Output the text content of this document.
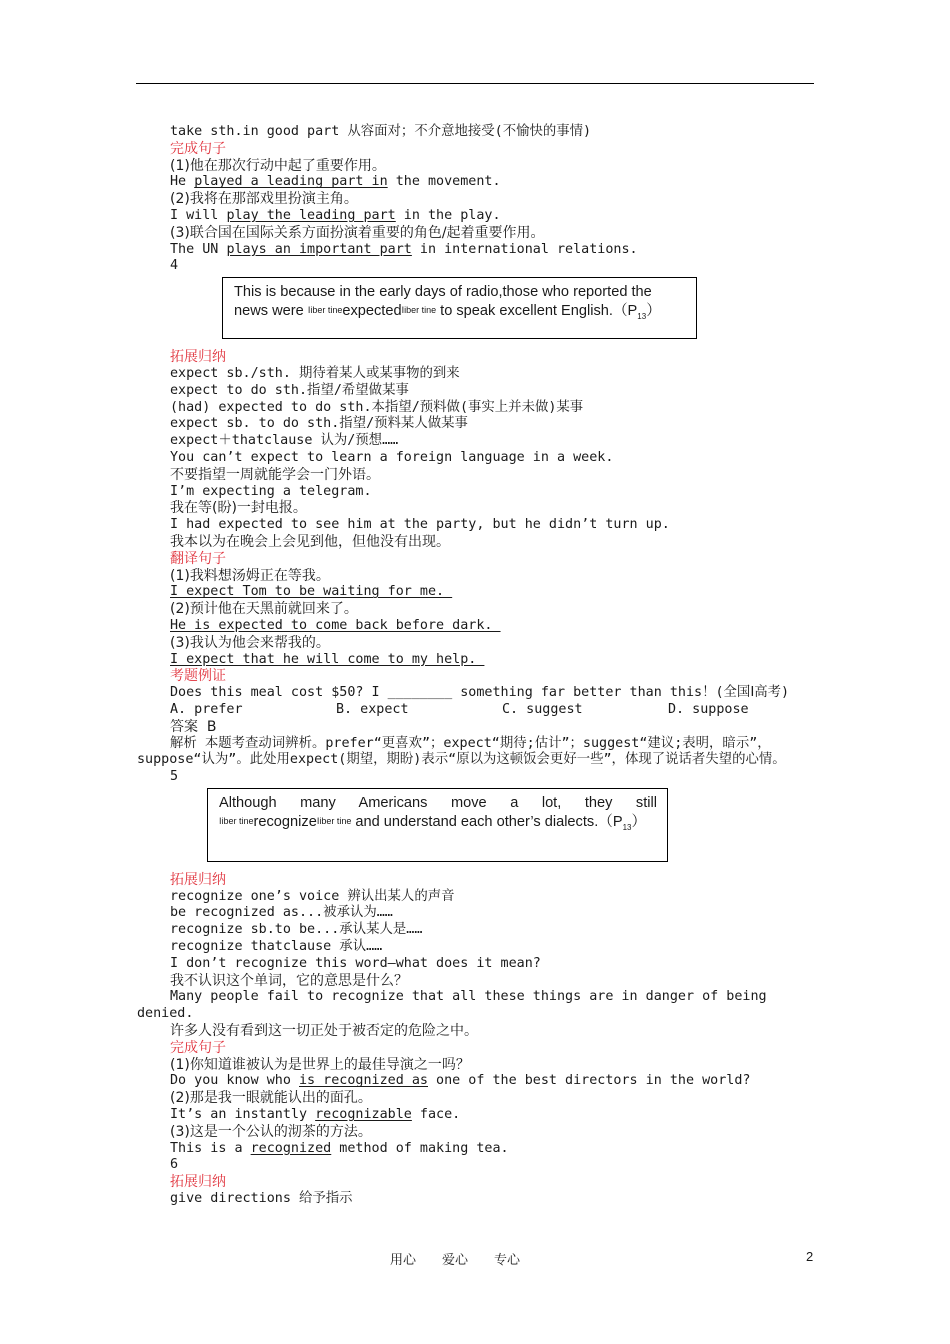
take sth.in good part 从容面对；不介意地接受(不愉快的事情)
完成句子
(1)他在那次行动中起了重要作用。
He played a leading part in the movement.
(2)我将在那部戏里扮演主角。
I will play the leading part in the play.
(3)联合国在国际关系方面扮演着重要的角色/起着重要作用。
The UN plays an important part in international relations.
4
This is because in the early days of radio,those who reported the news were Iiber tineexpectedIiber tine to speak excellent $English.(P_{13})$
拓展归纳
expect sb./sth. 期待着某人或某事物的到来
expect to do sth.指望/希望做某事
(had) expected to do sth.本指望/预料做(事实上并未做)某事
expect sb. to do sth.指望/预料某人做某事
expect＋thatclause 认为/预想……
You can’t expect to learn a foreign language in a week.
不要指望一周就能学会一门外语。
I’m expecting a telegram.
我在等(盼)一封电报。
I had expected to see him at the party, but he didn’t turn up.
我本以为在晚会上会见到他，但他没有出现。
翻译句子
(1)我料想汤姆正在等我。
I expect Tom to be waiting for me.
(2)预计他在天黑前就回来了。
He is expected to come back before dark.
(3)我认为他会来帮我的。
I expect that he will come to my help.
考题例证
Does this meal cost $50? I ________ something far better than this！(全国Ⅰ高考)
A. prefer	B. expect	C. suggest	D. suppose
答案  B
解析 本题考查动词辨析。prefer“更喜欢”；expect“期待;估计”；suggest“建议;表明，暗示”，suppose“认为”。此处用expect(期望，期盼)表示“原以为这顿饭会更好一些”，体现了说话者失望的心情。
5
Although many Americans move a lot, they still
Iiber tinerecognizeIiber tine and understand each other’s $dialects.(P_{13})$
拓展归纳
recognize one’s voice 辨认出某人的声音
be recognized as...被承认为……
recognize sb.to be...承认某人是……
recognize thatclause 承认……
I don’t recognize this word—what does it mean?
我不认识这个单词，它的意思是什么？
Many people fail to recognize that all these things are in danger of being denied.
许多人没有看到这一切正处于被否定的危险之中。
完成句子
(1)你知道谁被认为是世界上的最佳导演之一吗？
Do you know who is recognized as one of the best directors in the world?
(2)那是我一眼就能认出的面孔。
It’s an instantly recognizable face.
(3)这是一个公认的沏茶的方法。
This is a recognized method of making tea.
6
拓展归纳
give directions 给予指示
用心 爱心 专心	2
